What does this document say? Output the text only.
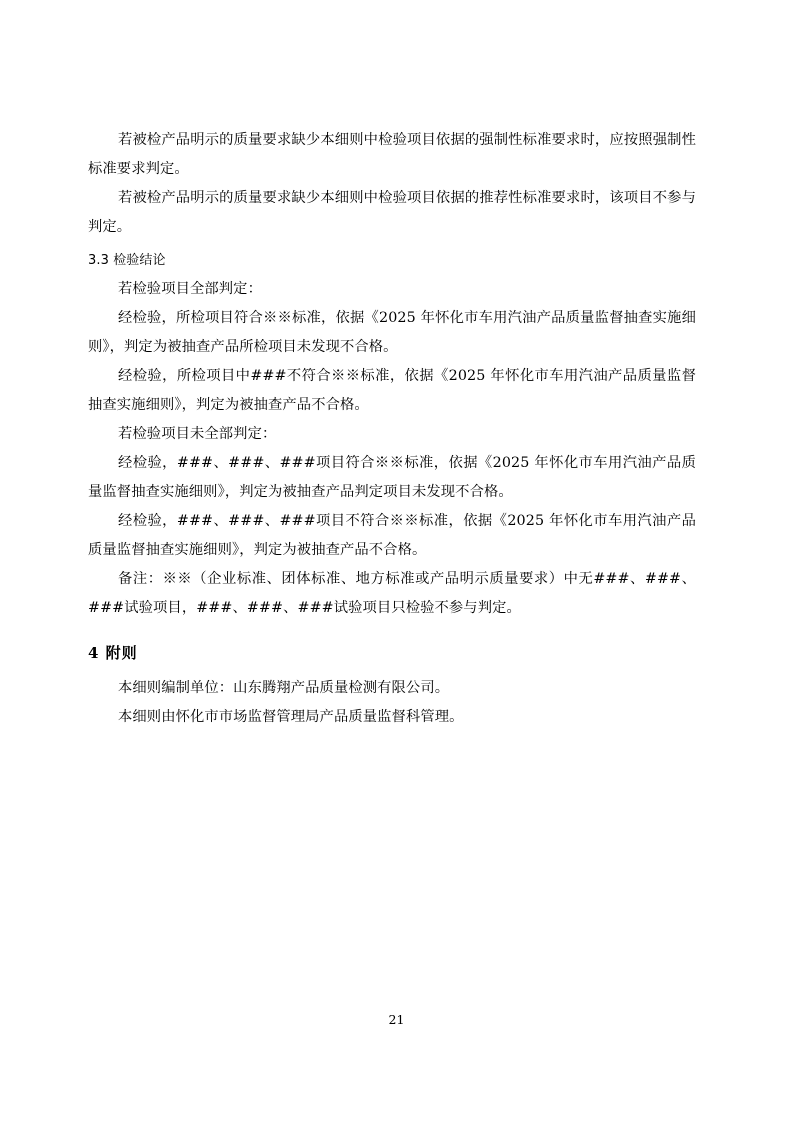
若被检产品明示的质量要求缺少本细则中检验项目依据的强制性标准要求时，应按照强制性标准要求判定。

若被检产品明示的质量要求缺少本细则中检验项目依据的推荐性标准要求时，该项目不参与判定。

3.3 检验结论

若检验项目全部判定：

经检验，所检项目符合※※标准，依据《2025 年怀化市车用汽油产品质量监督抽查实施细则》，判定为被抽查产品所检项目未发现不合格。

经检验，所检项目中###不符合※※标准，依据《2025 年怀化市车用汽油产品质量监督抽查实施细则》，判定为被抽查产品不合格。

若检验项目未全部判定：

经检验，###、###、###项目符合※※标准，依据《2025 年怀化市车用汽油产品质量监督抽查实施细则》，判定为被抽查产品判定项目未发现不合格。

经检验，###、###、###项目不符合※※标准，依据《2025 年怀化市车用汽油产品质量监督抽查实施细则》，判定为被抽查产品不合格。

备注：※※（企业标准、团体标准、地方标准或产品明示质量要求）中无###、###、###试验项目，###、###、###试验项目只检验不参与判定。

4 附则

本细则编制单位：山东腾翔产品质量检测有限公司。

本细则由怀化市市场监督管理局产品质量监督科管理。

21
